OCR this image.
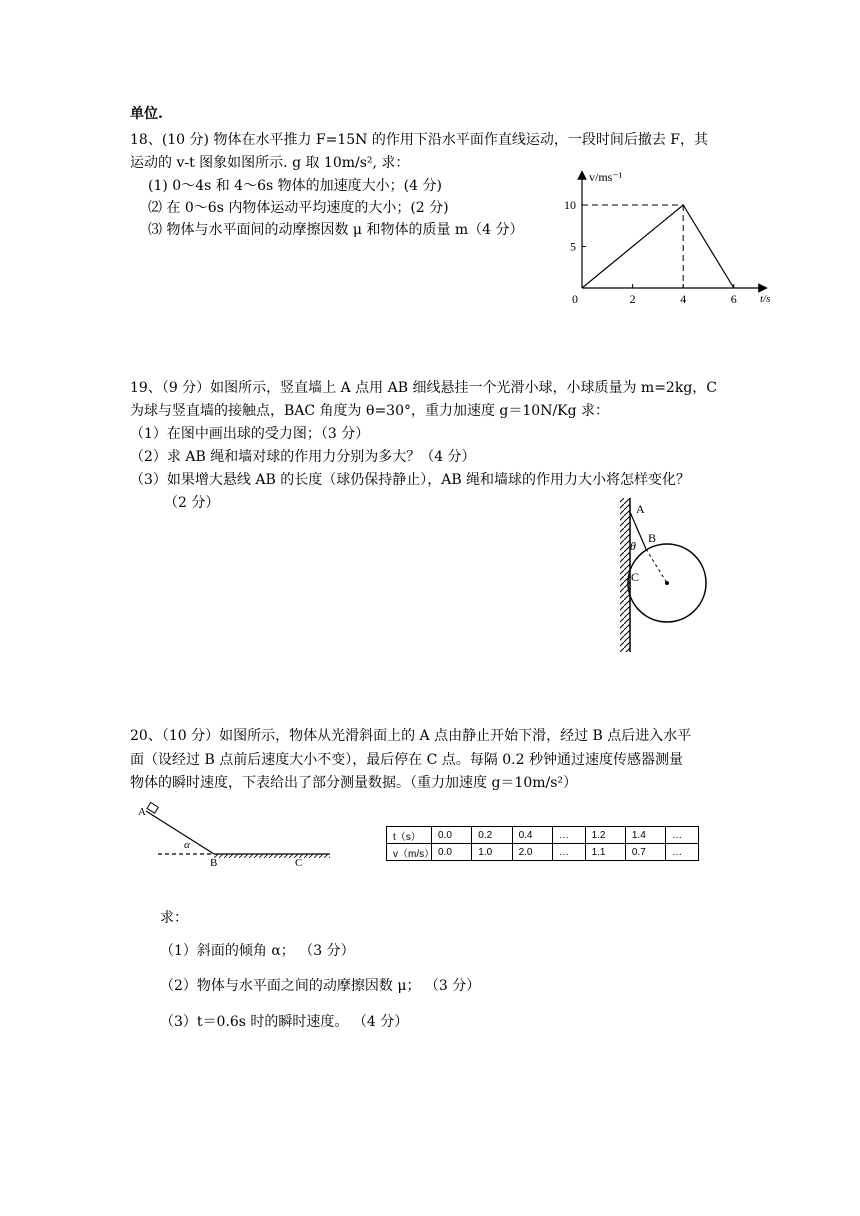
单位.
18、(10 分) 物体在水平推力 F=15N 的作用下沿水平面作直线运动，一段时间后撤去 F，其
运动的 v-t 图象如图所示. g 取 10m/s², 求：
(1) 0～4s 和 4～6s 物体的加速度大小；(4 分)
⑵ 在 0～6s 内物体运动平均速度的大小；(2 分)
⑶ 物体与水平面间的动摩擦因数 μ 和物体的质量 m（4 分）
2	4	6
5
10
v/ms⁻¹
t/s
0
19、（9 分）如图所示，竖直墙上 A 点用 AB 细线悬挂一个光滑小球，小球质量为 m=2kg，C
为球与竖直墙的接触点，BAC 角度为 θ=30°，重力加速度 g＝10N/Kg 求：
（1）在图中画出球的受力图；（3 分）
（2）求 AB 绳和墙对球的作用力分别为多大？（4 分）
（3）如果增大悬线 AB 的长度（球仍保持静止），AB 绳和墙球的作用力大小将怎样变化？
（2 分）	A
B
C
θ
20、（10 分）如图所示，物体从光滑斜面上的 A 点由静止开始下滑，经过 B 点后进入水平
面（设经过 B 点前后速度大小不变），最后停在 C 点。每隔 0.2 秒钟通过速度传感器测量
物体的瞬时速度，下表给出了部分测量数据。（重力加速度 g＝10m/s²）
A
B	C
α
t（s）	0.0	0.2	0.4	…	1.2	1.4	…
v（m/s）	0.0	1.0	2.0	…	1.1	0.7	…
求：
（1）斜面的倾角 α； （3 分）
（2）物体与水平面之间的动摩擦因数 μ； （3 分）
（3）t＝0.6s 时的瞬时速度。 （4 分）
